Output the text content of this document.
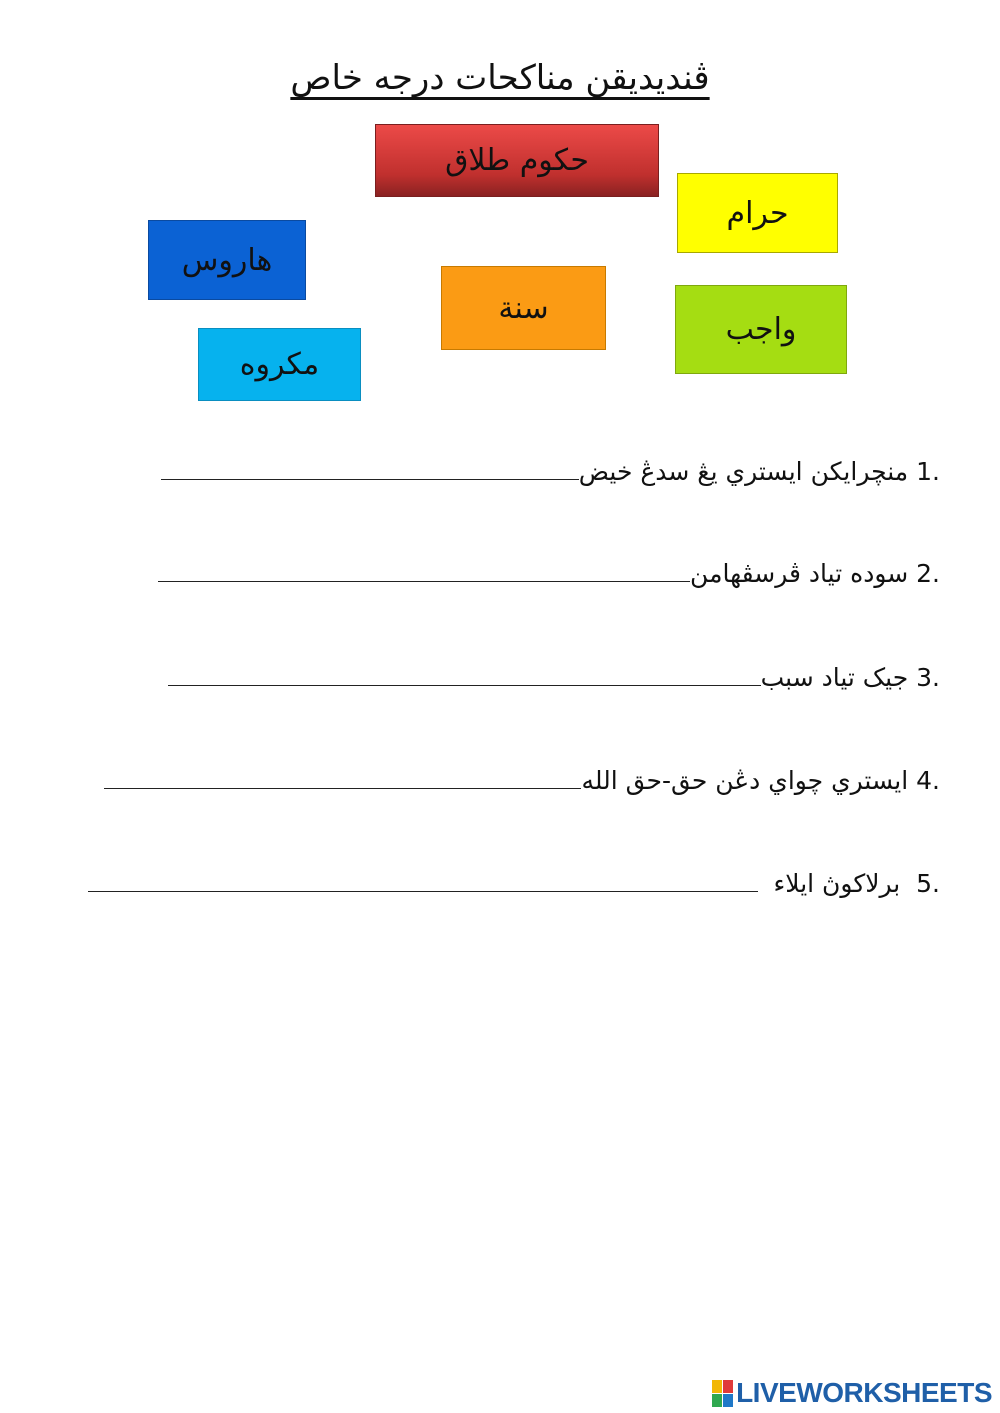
ڤنديديقن مناكحات درجه خاص
حکوم طلاق
حرام
هاروس
سنة
واجب
مکروه
1.

منچرايكن ايستري يڠ سدڠ خيض
2.

سوده تياد ڤرسڤهامن
3.

جيک تياد سبب
4.

ايستري چواي دڠن حق-حق الله
5.

برلاكوڽ ايلاء

LIVEWORKSHEETS
